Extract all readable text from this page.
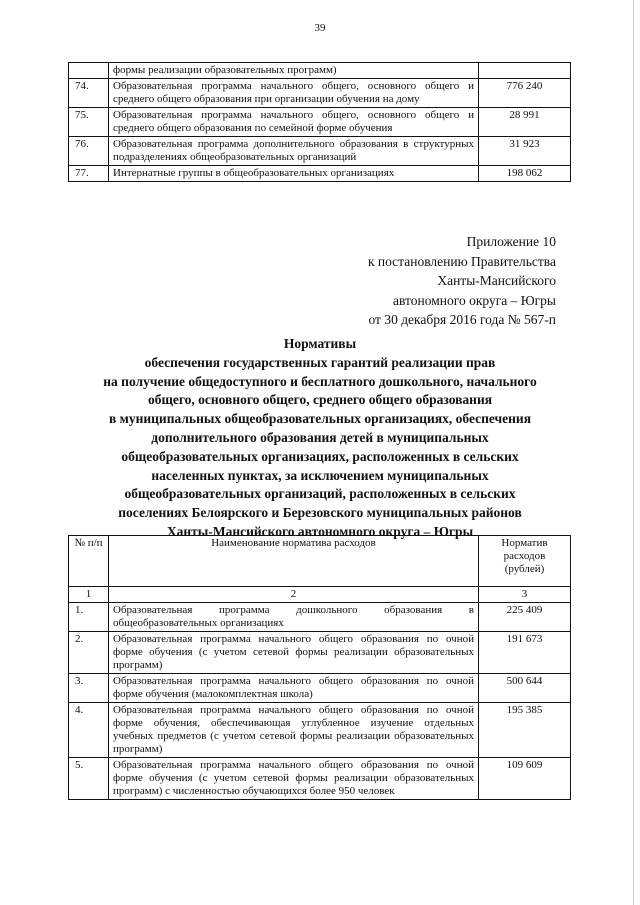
39
	формы реализации образовательных программ)	
74.	Образовательная программа начального общего, основного общего и среднего общего образования при организации обучения на дому	776 240
75.	Образовательная программа начального общего, основного общего и среднего общего образования по семейной форме обучения	28 991
76.	Образовательная программа дополнительного образования в структурных подразделениях общеобразовательных организаций	31 923
77.	Интернатные группы в общеобразовательных организациях	198 062
Приложение 10
к постановлению Правительства
Ханты-Мансийского
автономного округа – Югры
от 30 декабря 2016 года № 567-п
Нормативы
обеспечения государственных гарантий реализации прав
на получение общедоступного и бесплатного дошкольного, начального
общего, основного общего, среднего общего образования
в муниципальных общеобразовательных организациях, обеспечения
дополнительного образования детей в муниципальных
общеобразовательных организациях, расположенных в сельских
населенных пунктах, за исключением муниципальных
общеобразовательных организаций, расположенных в сельских
поселениях Белоярского и Березовского муниципальных районов
Ханты-Мансийского автономного округа – Югры
№ п/п	Наименование норматива расходов	Норматив расходов (рублей)
1	2	3
1.	Образовательная программа дошкольного образования в общеобразовательных организациях	225 409
2.	Образовательная программа начального общего образования по очной форме обучения (с учетом сетевой формы реализации образовательных программ)	191 673
3.	Образовательная программа начального общего образования по очной форме обучения (малокомплектная школа)	500 644
4.	Образовательная программа начального общего образования по очной форме обучения, обеспечивающая углубленное изучение отдельных учебных предметов (с учетом сетевой формы реализации образовательных программ)	195 385
5.	Образовательная программа начального общего образования по очной форме обучения (с учетом сетевой формы реализации образовательных программ) с численностью обучающихся более 950 человек	109 609
